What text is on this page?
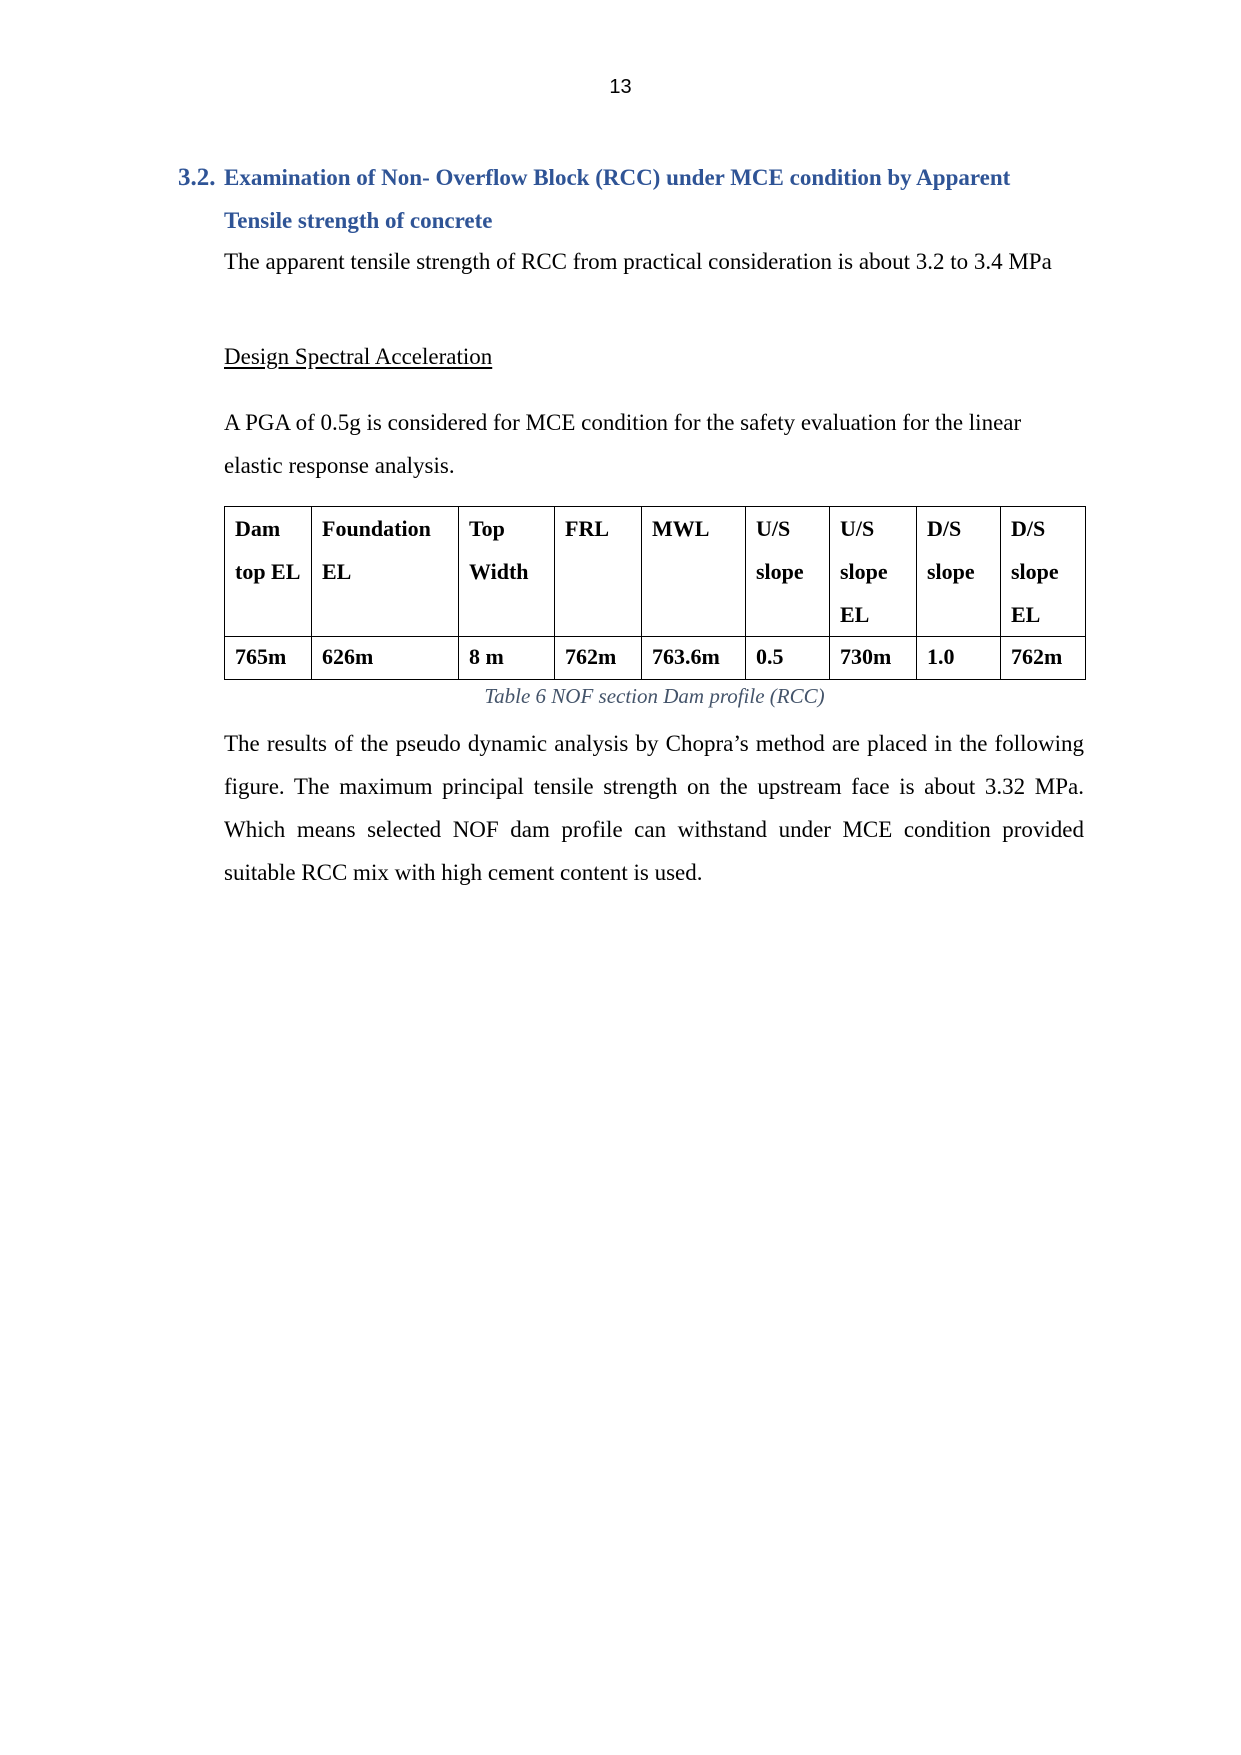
13
3.2. Examination of Non- Overflow Block (RCC) under MCE condition by Apparent
Tensile strength of concrete
The apparent tensile strength of RCC from practical consideration is about 3.2 to 3.4 MPa
Design Spectral Acceleration
A PGA of 0.5g is considered for MCE condition for the safety evaluation for the linear elastic response analysis.
Dam top EL	Foundation EL	Top Width	FRL	MWL	U/S slope	U/S slope EL	D/S slope	D/S slope EL
765m	626m	8 m	762m	763.6m	0.5	730m	1.0	762m
Table 6 NOF section Dam profile (RCC)
The results of the pseudo dynamic analysis by Chopra’s method are placed in the following figure. The maximum principal tensile strength on the upstream face is about 3.32 MPa. Which means selected NOF dam profile can withstand under MCE condition provided suitable RCC mix with high cement content is used.
